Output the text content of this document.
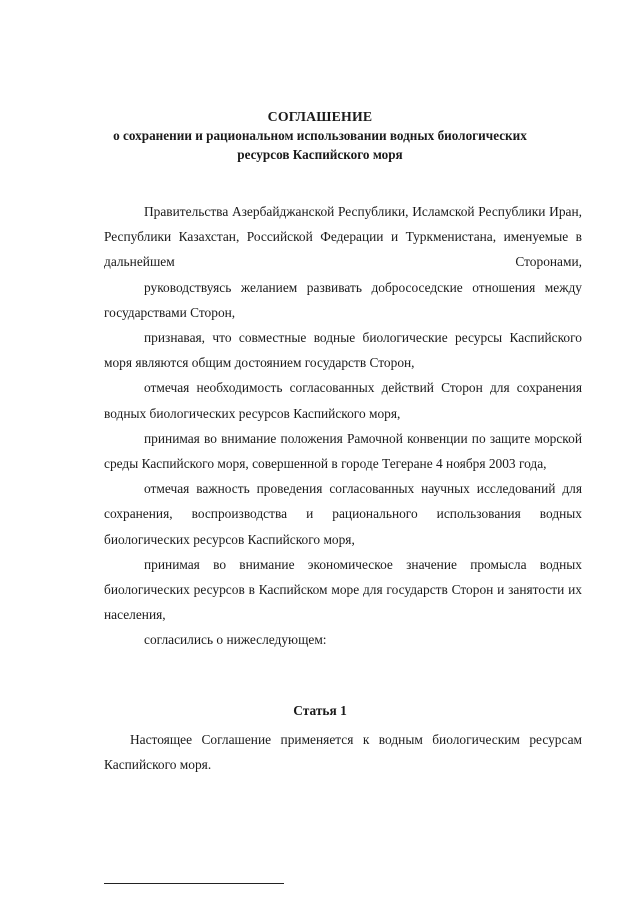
СОГЛАШЕНИЕ
о сохранении и рациональном использовании водных биологических
ресурсов Каспийского моря

Правительства Азербайджанской Республики, Исламской Республики Иран, Республики Казахстан, Российской Федерации и Туркменистана, именуемые в дальнейшем Сторонами,

руководствуясь желанием развивать добрососедские отношения между государствами Сторон,

признавая, что совместные водные биологические ресурсы Каспийского моря являются общим достоянием государств Сторон,

отмечая необходимость согласованных действий Сторон для сохранения водных биологических ресурсов Каспийского моря,

принимая во внимание положения Рамочной конвенции по защите морской среды Каспийского моря, совершенной в городе Тегеране 4 ноября 2003 года,

отмечая важность проведения согласованных научных исследований для сохранения, воспроизводства и рационального использования водных биологических ресурсов Каспийского моря,

принимая во внимание экономическое значение промысла водных биологических ресурсов в Каспийском море для государств Сторон и занятости их населения,

согласились о нижеследующем:

Статья 1

Настоящее Соглашение применяется к водным биологическим ресурсам Каспийского моря.
